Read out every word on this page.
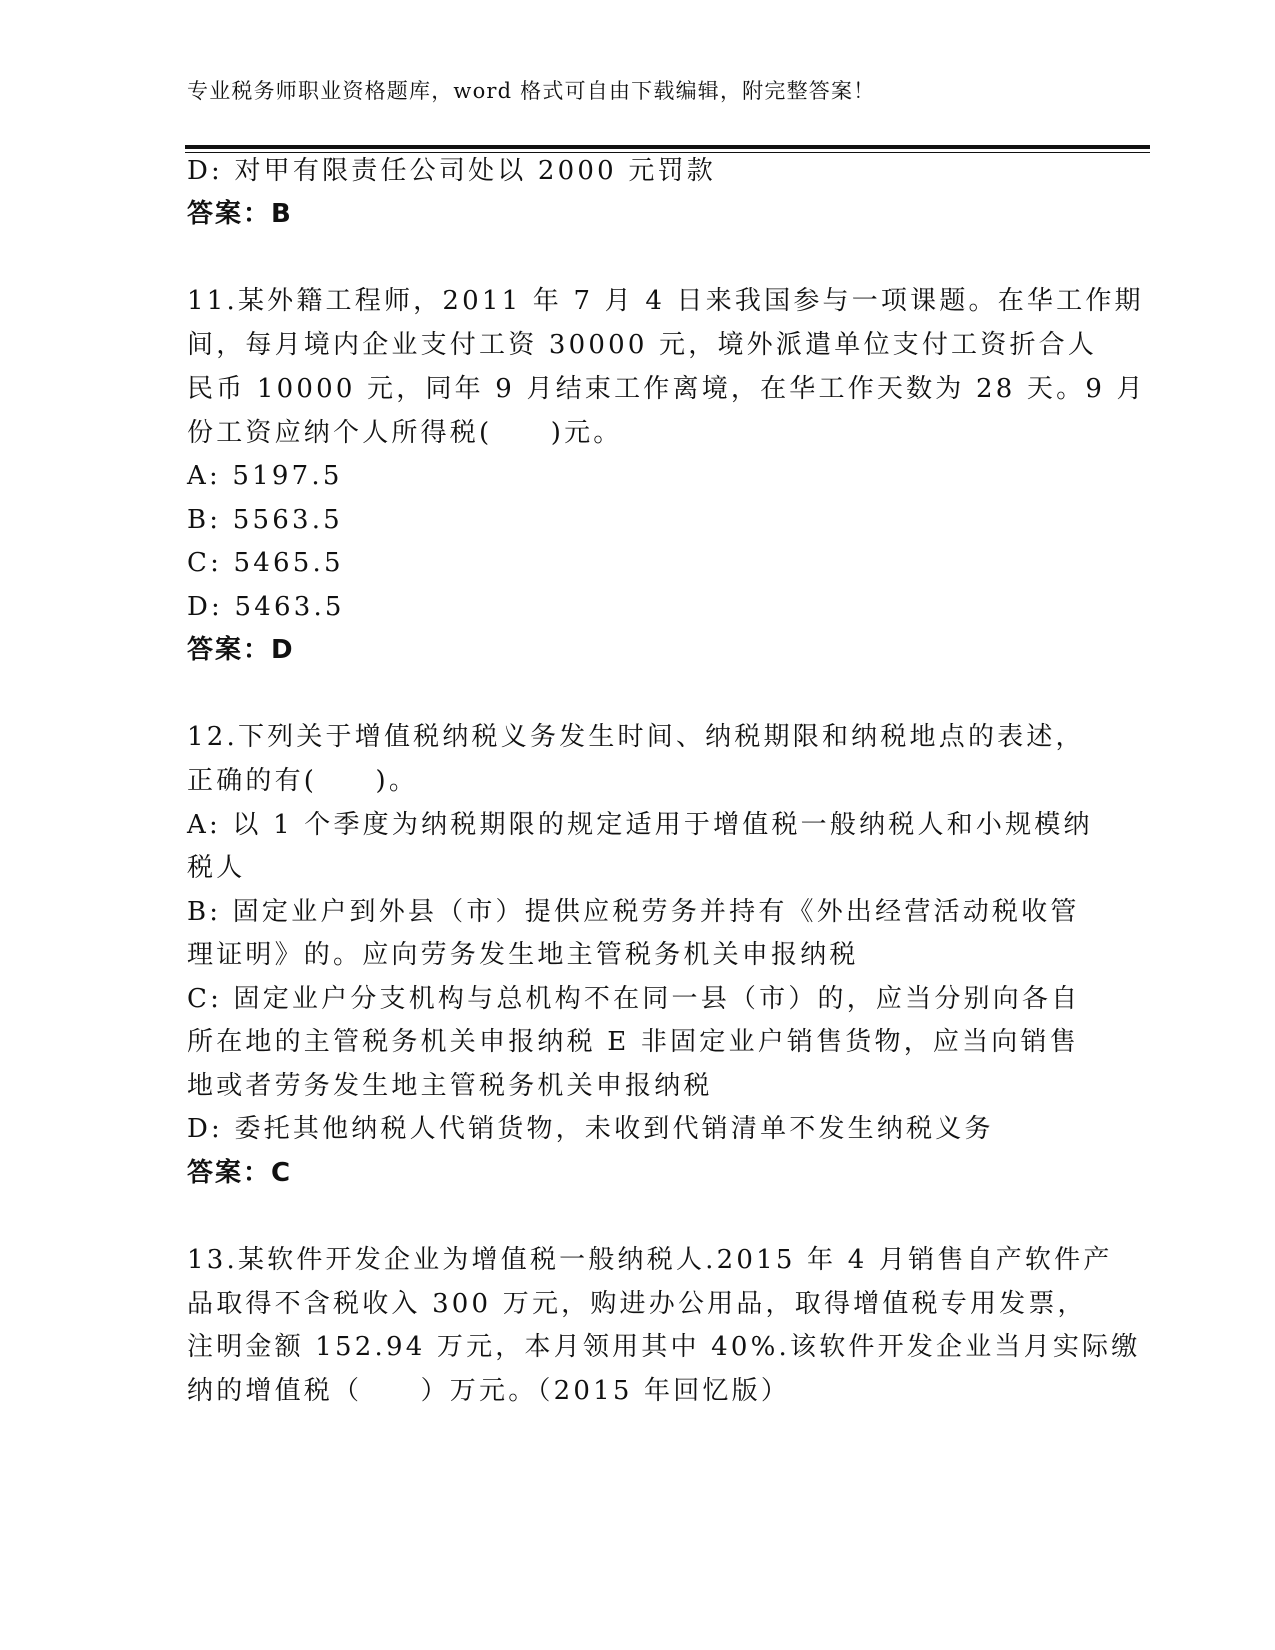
专业税务师职业资格题库，word 格式可自由下载编辑，附完整答案！
D: 对甲有限责任公司处以 2000 元罚款
答案：B
11.某外籍工程师，2011 年 7 月 4 日来我国参与一项课题。在华工作期
间，每月境内企业支付工资 30000 元，境外派遣单位支付工资折合人
民币 10000 元，同年 9 月结束工作离境，在华工作天数为 28 天。9 月
份工资应纳个人所得税(　　)元。
A: 5197.5
B: 5563.5
C: 5465.5
D: 5463.5
答案：D
12.下列关于增值税纳税义务发生时间、纳税期限和纳税地点的表述，
正确的有(　　)。
A: 以 1 个季度为纳税期限的规定适用于增值税一般纳税人和小规模纳
税人
B: 固定业户到外县（市）提供应税劳务并持有《外出经营活动税收管
理证明》的。应向劳务发生地主管税务机关申报纳税
C: 固定业户分支机构与总机构不在同一县（市）的，应当分别向各自
所在地的主管税务机关申报纳税 E 非固定业户销售货物，应当向销售
地或者劳务发生地主管税务机关申报纳税
D: 委托其他纳税人代销货物，未收到代销清单不发生纳税义务
答案：C
13.某软件开发企业为增值税一般纳税人.2015 年 4 月销售自产软件产
品取得不含税收入 300 万元，购进办公用品，取得增值税专用发票，
注明金额 152.94 万元，本月领用其中 40%.该软件开发企业当月实际缴
纳的增值税（　　）万元。（2015 年回忆版）
